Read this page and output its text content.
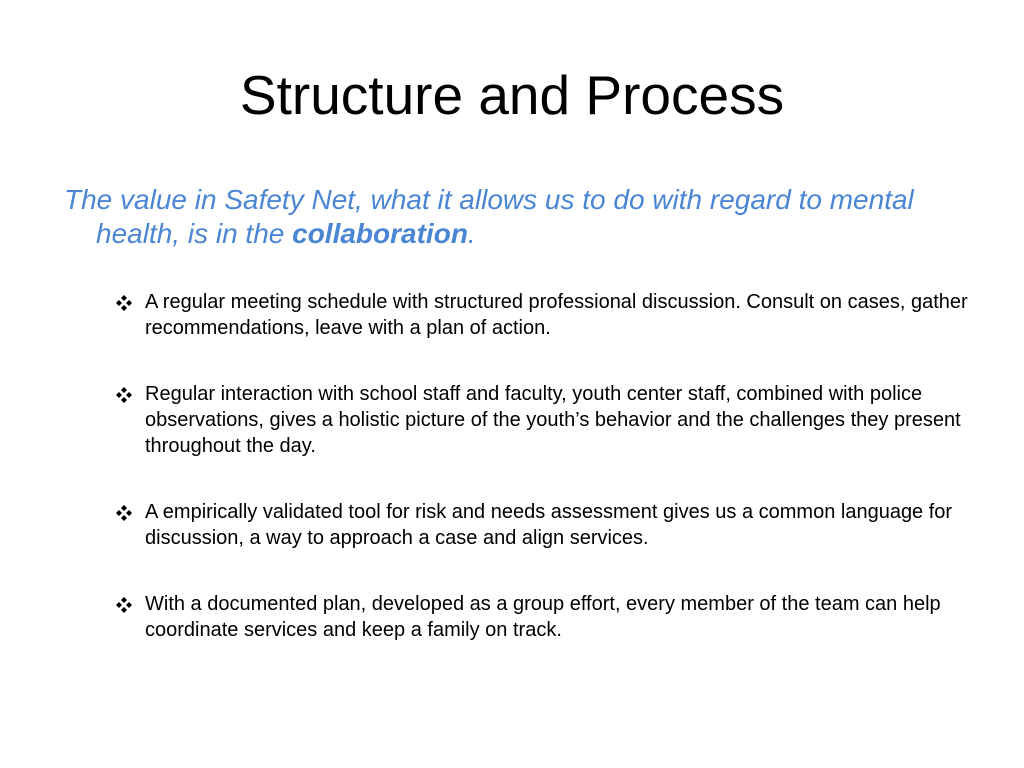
Structure and Process

The value in Safety Net, what it allows us to do with regard to mental health, is in the collaboration.

A regular meeting schedule with structured professional discussion. Consult on cases, gather recommendations, leave with a plan of action.
Regular interaction with school staff and faculty, youth center staff, combined with police observations, gives a holistic picture of the youth’s behavior and the challenges they present throughout the day.
A empirically validated tool for risk and needs assessment gives us a common language for discussion, a way to approach a case and align services.
With a documented plan, developed as a group effort, every member of the team can help coordinate services and keep a family on track.
